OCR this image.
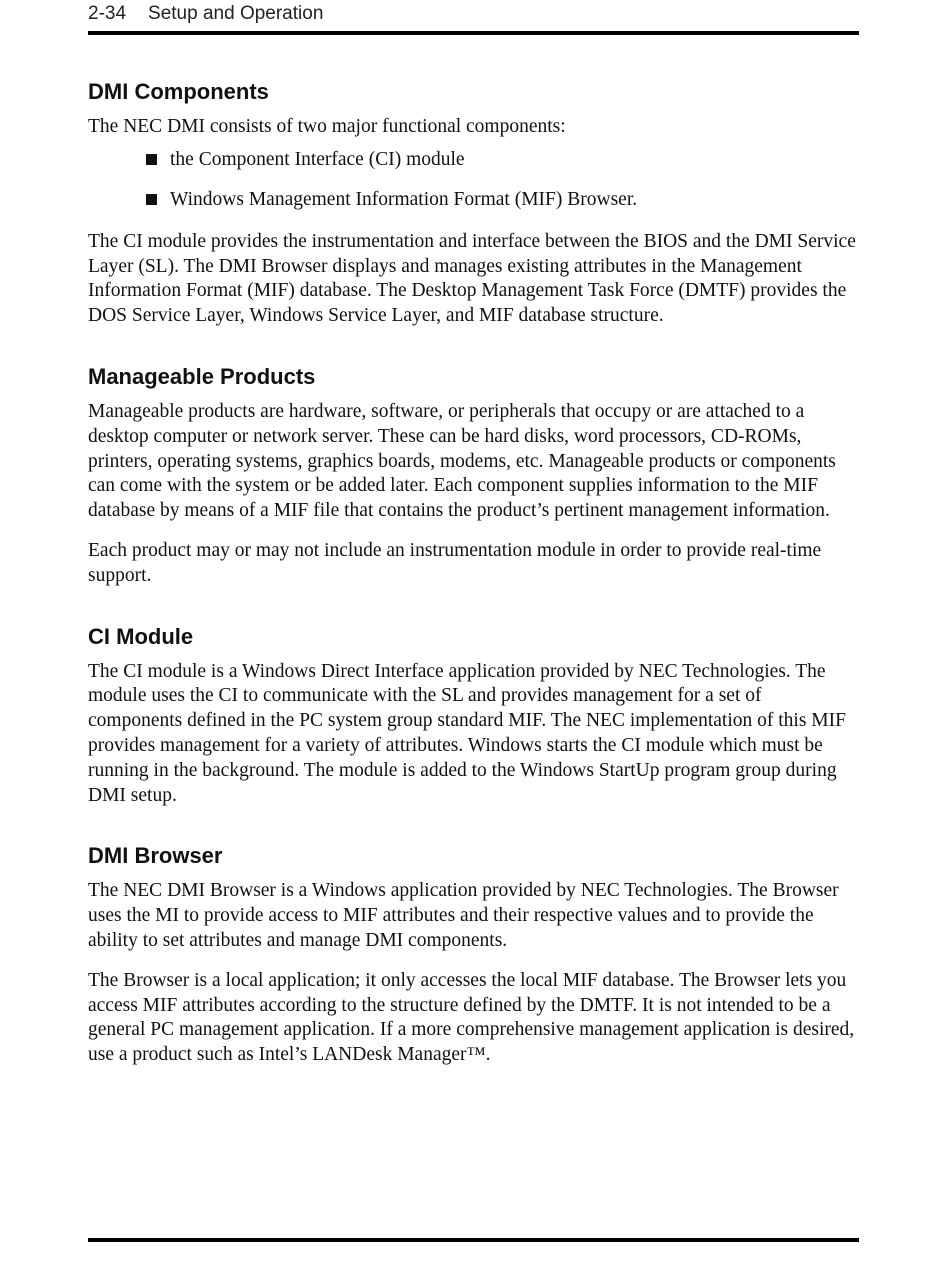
2-34 Setup and Operation
DMI Components

The NEC DMI consists of two major functional components:

the Component Interface (CI) module
Windows Management Information Format (MIF) Browser.

The CI module provides the instrumentation and interface between the BIOS and the DMI Service Layer (SL). The DMI Browser displays and manages existing attributes in the Management Information Format (MIF) database. The Desktop Management Task Force (DMTF) provides the DOS Service Layer, Windows Service Layer, and MIF database structure.

Manageable Products

Manageable products are hardware, software, or peripherals that occupy or are attached to a desktop computer or network server. These can be hard disks, word processors, CD-ROMs, printers, operating systems, graphics boards, modems, etc. Manageable products or components can come with the system or be added later. Each component supplies information to the MIF database by means of a MIF file that contains the product’s pertinent management information.

Each product may or may not include an instrumentation module in order to provide real-time support.

CI Module

The CI module is a Windows Direct Interface application provided by NEC Technologies. The module uses the CI to communicate with the SL and provides management for a set of components defined in the PC system group standard MIF. The NEC implementation of this MIF provides management for a variety of attributes. Windows starts the CI module which must be running in the background. The module is added to the Windows StartUp program group during DMI setup.

DMI Browser

The NEC DMI Browser is a Windows application provided by NEC Technologies. The Browser uses the MI to provide access to MIF attributes and their respective values and to provide the ability to set attributes and manage DMI components.

The Browser is a local application; it only accesses the local MIF database. The Browser lets you access MIF attributes according to the structure defined by the DMTF. It is not intended to be a general PC management application. If a more comprehensive management application is desired, use a product such as Intel’s LANDesk Manager™.
